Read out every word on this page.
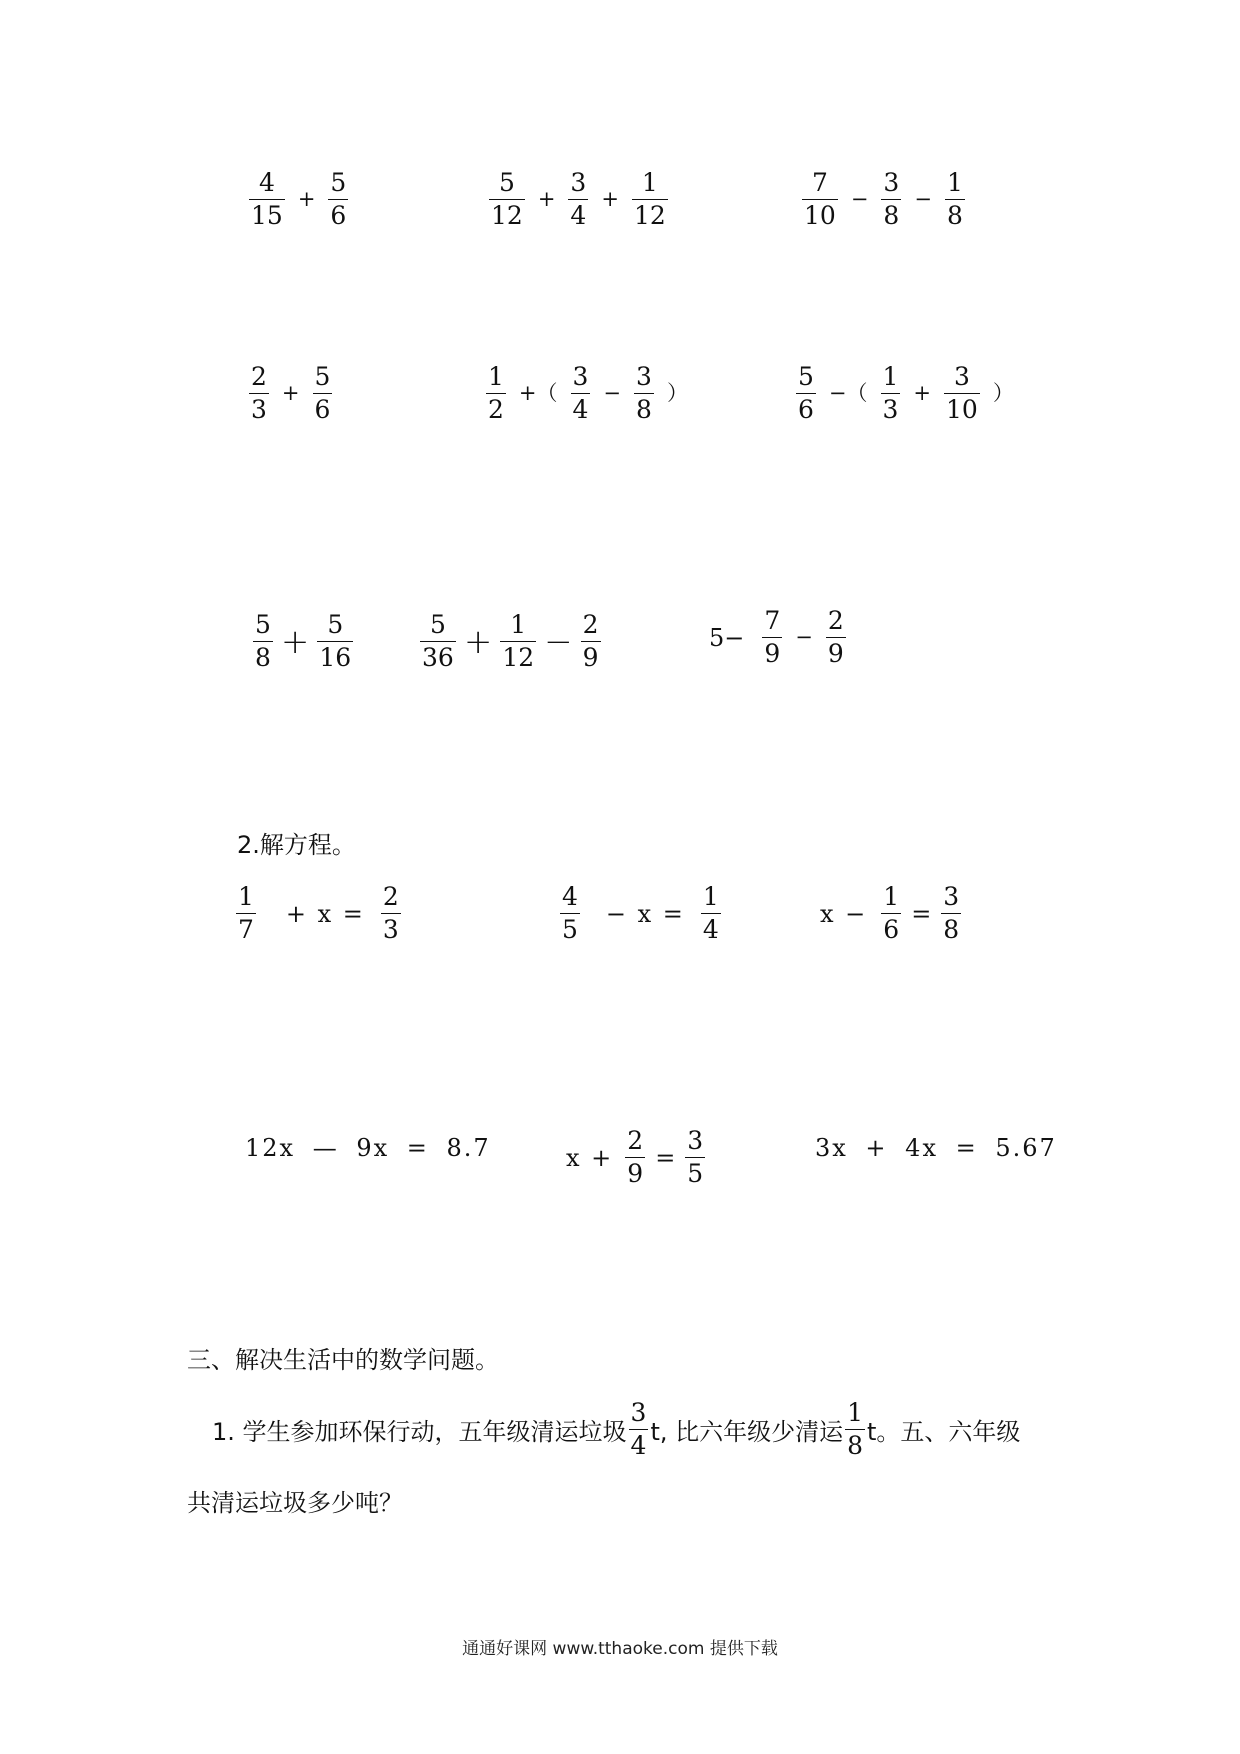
$\frac{4}{15} + \frac{5}{6}$	$\frac{5}{12} + \frac{3}{4} + \frac{1}{12}$	$\frac{7}{10} - \frac{3}{8} - \frac{1}{8}$
$\frac{2}{3} + \frac{5}{6}$	$\frac{1}{2}$ +（ $\frac{3}{4} - \frac{3}{8}$ ）	$\frac{5}{6}$ −（ $\frac{1}{3} + \frac{3}{10}$ ）
$\frac{5}{8} + \frac{5}{16}$	$\frac{5}{36} + \frac{1}{12} - \frac{2}{9}$	$5- \frac{7}{9} - \frac{2}{9}$
2.解方程。
$\frac{1}{7} + x = \frac{2}{3}$	$\frac{4}{5} - x = \frac{1}{4}$	$x - \frac{1}{6} = \frac{3}{8}$
12x — 9x = 8.7	$x + \frac{2}{9} = \frac{3}{5}$	3x + 4x = 5.67
三、解决生活中的数学问题。
1. 学生参加环保行动，五年级清运垃圾 $\frac{3}{4} t$, 比六年级少清运 $\frac{1}{8}$ t。五、六年级
共清运垃圾多少吨？
通通好课网 www.tthaoke.com 提供下载
